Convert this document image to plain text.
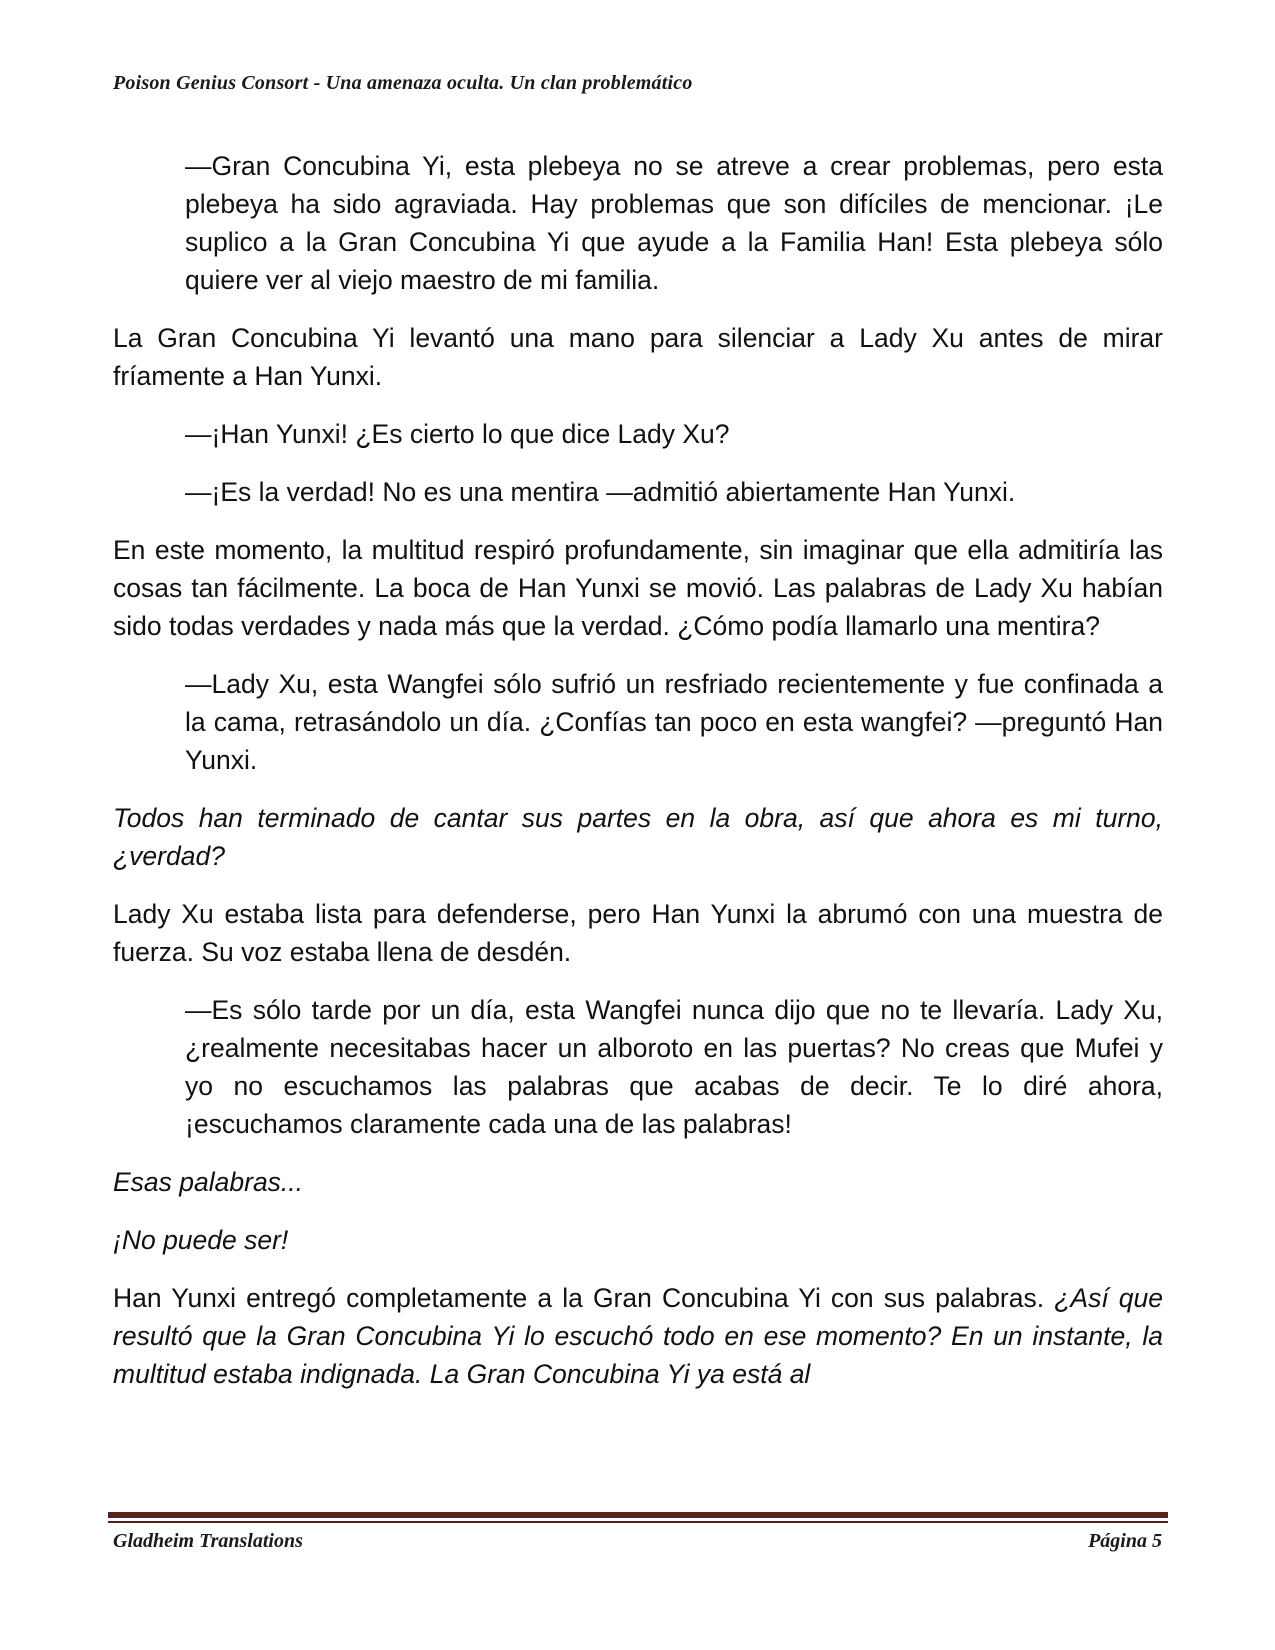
Poison Genius Consort - Una amenaza oculta. Un clan problemático

—Gran Concubina Yi, esta plebeya no se atreve a crear problemas, pero esta plebeya ha sido agraviada. Hay problemas que son difíciles de mencionar. ¡Le suplico a la Gran Concubina Yi que ayude a la Familia Han! Esta plebeya sólo quiere ver al viejo maestro de mi familia.

La Gran Concubina Yi levantó una mano para silenciar a Lady Xu antes de mirar fríamente a Han Yunxi.

—¡Han Yunxi! ¿Es cierto lo que dice Lady Xu?

—¡Es la verdad! No es una mentira —admitió abiertamente Han Yunxi.

En este momento, la multitud respiró profundamente, sin imaginar que ella admitiría las cosas tan fácilmente. La boca de Han Yunxi se movió. Las palabras de Lady Xu habían sido todas verdades y nada más que la verdad. ¿Cómo podía llamarlo una mentira?

—Lady Xu, esta Wangfei sólo sufrió un resfriado recientemente y fue confinada a la cama, retrasándolo un día. ¿Confías tan poco en esta wangfei? —preguntó Han Yunxi.

Todos han terminado de cantar sus partes en la obra, así que ahora es mi turno, ¿verdad?

Lady Xu estaba lista para defenderse, pero Han Yunxi la abrumó con una muestra de fuerza. Su voz estaba llena de desdén.

—Es sólo tarde por un día, esta Wangfei nunca dijo que no te llevaría. Lady Xu, ¿realmente necesitabas hacer un alboroto en las puertas? No creas que Mufei y yo no escuchamos las palabras que acabas de decir. Te lo diré ahora, ¡escuchamos claramente cada una de las palabras!

Esas palabras...

¡No puede ser!

Han Yunxi entregó completamente a la Gran Concubina Yi con sus palabras. ¿Así que resultó que la Gran Concubina Yi lo escuchó todo en ese momento? En un instante, la multitud estaba indignada. La Gran Concubina Yi ya está al

Gladheim Translations	Página 5
